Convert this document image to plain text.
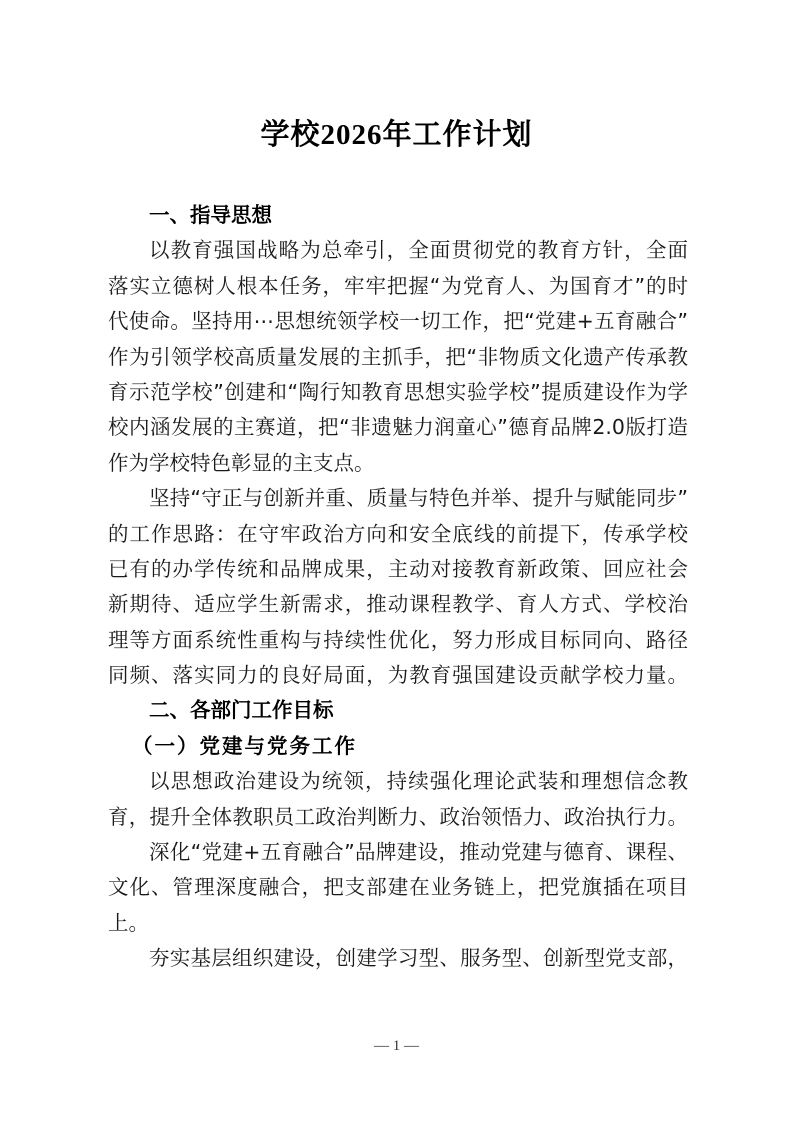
学校2026年工作计划
一、指导思想
以教育强国战略为总牵引，全面贯彻党的教育方针，全面
落实立德树人根本任务，牢牢把握“为党育人、为国育才”的时
代使命。坚持用⋯思想统领学校一切工作，把“党建+五育融合”
作为引领学校高质量发展的主抓手，把“非物质文化遗产传承教
育示范学校”创建和“陶行知教育思想实验学校”提质建设作为学
校内涵发展的主赛道，把“非遗魅力润童心”德育品牌2.0版打造
作为学校特色彰显的主支点。
坚持“守正与创新并重、质量与特色并举、提升与赋能同步”
的工作思路：在守牢政治方向和安全底线的前提下，传承学校
已有的办学传统和品牌成果，主动对接教育新政策、回应社会
新期待、适应学生新需求，推动课程教学、育人方式、学校治
理等方面系统性重构与持续性优化，努力形成目标同向、路径
同频、落实同力的良好局面，为教育强国建设贡献学校力量。
二、各部门工作目标
（一）党建与党务工作
以思想政治建设为统领，持续强化理论武装和理想信念教
育，提升全体教职员工政治判断力、政治领悟力、政治执行力。
深化“党建+五育融合”品牌建设，推动党建与德育、课程、
文化、管理深度融合，把支部建在业务链上，把党旗插在项目
上。
夯实基层组织建设，创建学习型、服务型、创新型党支部，
— 1 —
